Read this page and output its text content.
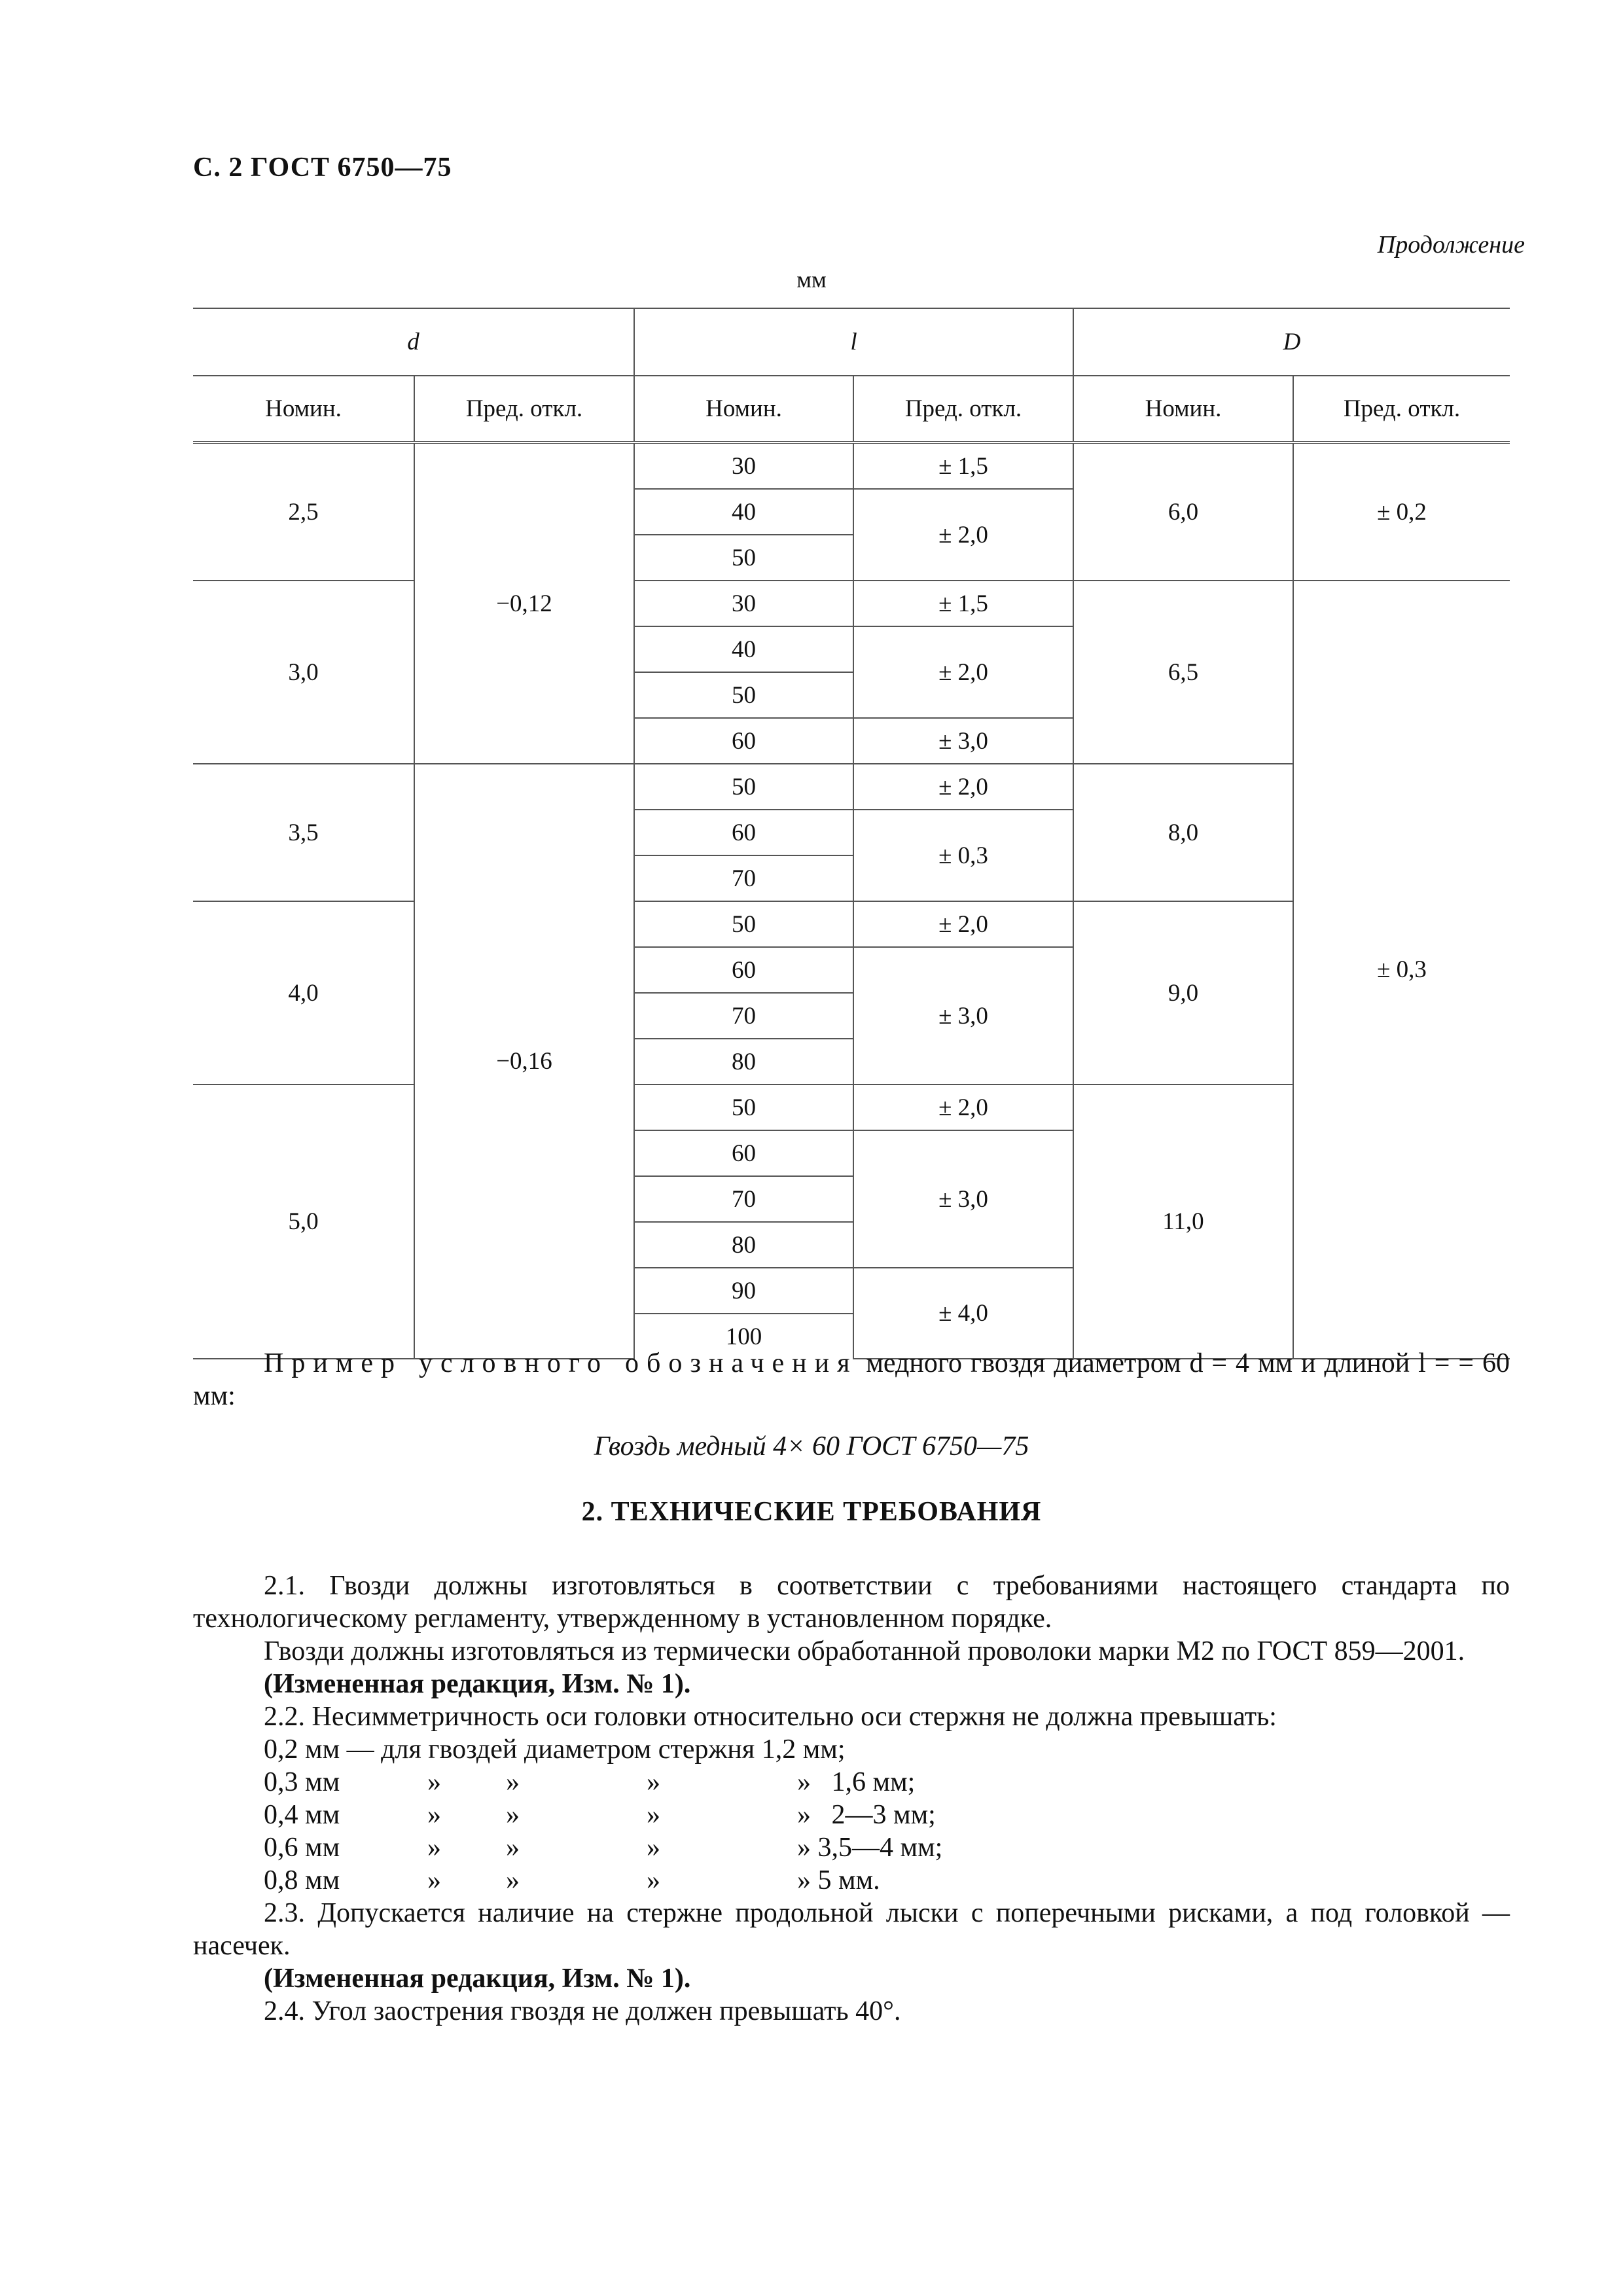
С. 2 ГОСТ 6750—75
Продолжение
мм
d		l		D	
Номин.	Пред. откл.	Номин.	Пред. откл.	Номин.	Пред. откл.
2,5	−0,12	30	± 1,5	6,0	± 0,2
		40	± 2,0		
		50			
3,0		30	± 1,5	6,5	± 0,3
		40	± 2,0		
		50			
		60	± 3,0		
3,5	−0,16	50	± 2,0	8,0	
		60	± 0,3		
		70			
4,0		50	± 2,0	9,0	
		60	± 3,0		
		70			
		80			
5,0		50	± 2,0	11,0	
		60	± 3,0		
		70			
		80			
		90	± 4,0		
		100			
Пример условного обозначения медного гвоздя диаметром d = 4 мм и длиной l = = 60 мм:
Гвоздь медный 4× 60 ГОСТ 6750—75
2. ТЕХНИЧЕСКИЕ ТРЕБОВАНИЯ

2.1. Гвозди должны изготовляться в соответствии с требованиями настоящего стандарта по технологическому регламенту, утвержденному в установленном порядке.

Гвозди должны изготовляться из термически обработанной проволоки марки М2 по ГОСТ 859—2001.

(Измененная редакция, Изм. № 1).

2.2. Несимметричность оси головки относительно оси стержня не должна превышать:

0,2 мм — для гвоздей диаметром стержня 1,2 мм;

0,3 мм	»	»	»	»   1,6 мм;
0,4 мм	»	»	»	»   2—3 мм;
0,6 мм	»	»	»	» 3,5—4 мм;
0,8 мм	»	»	»	» 5 мм.

2.3. Допускается наличие на стержне продольной лыски с поперечными рисками, а под головкой — насечек.

(Измененная редакция, Изм. № 1).

2.4. Угол заострения гвоздя не должен превышать 40°.
